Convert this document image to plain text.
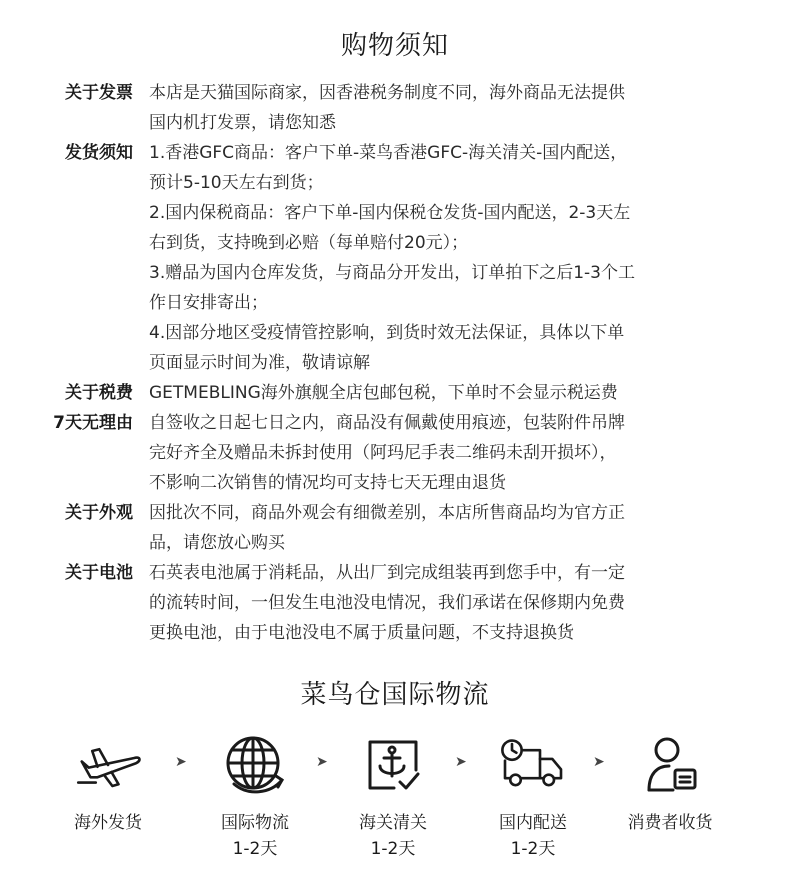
购物须知
关于发票 本店是天猫国际商家，因香港税务制度不同，海外商品无法提供
国内机打发票，请您知悉
发货须知 1.香港GFC商品：客户下单-菜鸟香港GFC-海关清关-国内配送，
预计5-10天左右到货；
2.国内保税商品：客户下单-国内保税仓发货-国内配送，2-3天左
右到货，支持晚到必赔（每单赔付20元）；
3.赠品为国内仓库发货，与商品分开发出，订单拍下之后1-3个工
作日安排寄出；
4.因部分地区受疫情管控影响，到货时效无法保证，具体以下单
页面显示时间为准，敬请谅解
关于税费 GETMEBLING海外旗舰全店包邮包税，下单时不会显示税运费
7天无理由 自签收之日起七日之内，商品没有佩戴使用痕迹，包装附件吊牌
完好齐全及赠品未拆封使用（阿玛尼手表二维码未刮开损坏），
不影响二次销售的情况均可支持七天无理由退货
关于外观 因批次不同，商品外观会有细微差别，本店所售商品均为官方正
品，请您放心购买
关于电池 石英表电池属于消耗品，从出厂到完成组装再到您手中，有一定
的流转时间，一但发生电池没电情况，我们承诺在保修期内免费
更换电池，由于电池没电不属于质量问题，不支持退换货
菜鸟仓国际物流
海外发货
➤
国际物流
1-2天
➤
海关清关
1-2天
➤
国内配送
1-2天
➤
消费者收货
